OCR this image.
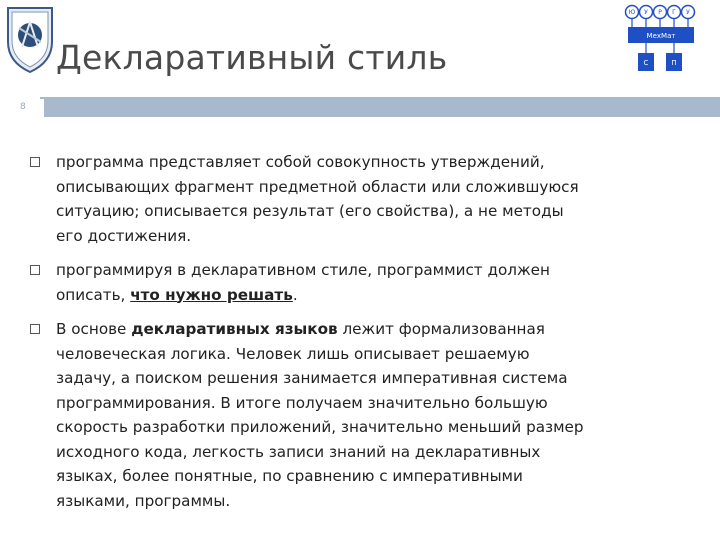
Декларативный стиль
Ю У Р Г У
МехМат
С	П
8
программа представляет собой совокупность утверждений, описывающих фрагмент предметной области или сложившуюся ситуацию; описывается результат (его свойства), а не методы его достижения.
программируя в декларативном стиле, программист должен описать, что нужно решать.
В основе декларативных языков лежит формализованная человеческая логика. Человек лишь описывает решаемую задачу, а поиском решения занимается императивная система программирования. В итоге получаем значительно большую скорость разработки приложений, значительно меньший размер исходного кода, легкость записи знаний на декларативных языках, более понятные, по сравнению с императивными языками, программы.
